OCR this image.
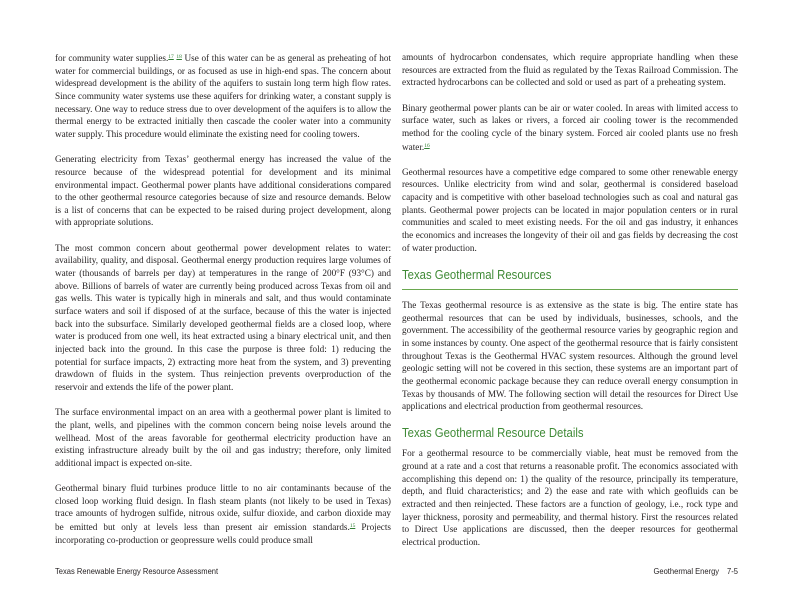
for community water supplies.$^{17}$ $^{18}$ Use of this water can be as general as preheating of hot water for commercial buildings, or as focused as use in high-end spas. The concern about widespread development is the ability of the aquifers to sustain long term high flow rates. Since community water systems use these aquifers for drinking water, a constant supply is necessary. One way to reduce stress due to over development of the aquifers is to allow the thermal energy to be extracted initially then cascade the cooler water into a community water supply. This procedure would eliminate the existing need for cooling towers.

Generating electricity from Texas’ geothermal energy has increased the value of the resource because of the widespread potential for development and its minimal environmental impact. Geothermal power plants have additional considerations compared to the other geothermal resource categories because of size and resource demands. Below is a list of concerns that can be expected to be raised during project development, along with appropriate solutions.

The most common concern about geothermal power development relates to water: availability, quality, and disposal. Geothermal energy production requires large volumes of water (thousands of barrels per day) at temperatures in the range of 200°F (93°C) and above. Billions of barrels of water are currently being produced across Texas from oil and gas wells. This water is typically high in minerals and salt, and thus would contaminate surface waters and soil if disposed of at the surface, because of this the water is injected back into the subsurface. Similarly developed geothermal fields are a closed loop, where water is produced from one well, its heat extracted using a binary electrical unit, and then injected back into the ground. In this case the purpose is three fold: 1) reducing the potential for surface impacts, 2) extracting more heat from the system, and 3) preventing drawdown of fluids in the system. Thus reinjection prevents overproduction of the reservoir and extends the life of the power plant.

The surface environmental impact on an area with a geothermal power plant is limited to the plant, wells, and pipelines with the common concern being noise levels around the wellhead. Most of the areas favorable for geothermal electricity production have an existing infrastructure already built by the oil and gas industry; therefore, only limited additional impact is expected on-site.

Geothermal binary fluid turbines produce little to no air contaminants because of the closed loop working fluid design. In flash steam plants (not likely to be used in Texas) trace amounts of hydrogen sulfide, nitrous oxide, sulfur dioxide, and carbon dioxide may be emitted but only at levels less than present air emission standards.$^{15}$ Projects incorporating co-production or geopressure wells could produce small

amounts of hydrocarbon condensates, which require appropriate handling when these resources are extracted from the fluid as regulated by the Texas Railroad Commission. The extracted hydrocarbons can be collected and sold or used as part of a preheating system.

Binary geothermal power plants can be air or water cooled. In areas with limited access to surface water, such as lakes or rivers, a forced air cooling tower is the recommended method for the cooling cycle of the binary system. Forced air cooled plants use no fresh water.$^{16}$

Geothermal resources have a competitive edge compared to some other renewable energy resources. Unlike electricity from wind and solar, geothermal is considered baseload capacity and is competitive with other baseload technologies such as coal and natural gas plants. Geothermal power projects can be located in major population centers or in rural communities and scaled to meet existing needs. For the oil and gas industry, it enhances the economics and increases the longevity of their oil and gas fields by decreasing the cost of water production.

Texas Geothermal Resources

The Texas geothermal resource is as extensive as the state is big. The entire state has geothermal resources that can be used by individuals, businesses, schools, and the government. The accessibility of the geothermal resource varies by geographic region and in some instances by county. One aspect of the geothermal resource that is fairly consistent throughout Texas is the Geothermal HVAC system resources. Although the ground level geologic setting will not be covered in this section, these systems are an important part of the geothermal economic package because they can reduce overall energy consumption in Texas by thousands of MW. The following section will detail the resources for Direct Use applications and electrical production from geothermal resources.

Texas Geothermal Resource Details

For a geothermal resource to be commercially viable, heat must be removed from the ground at a rate and a cost that returns a reasonable profit. The economics associated with accomplishing this depend on: 1) the quality of the resource, principally its temperature, depth, and fluid characteristics; and 2) the ease and rate with which geofluids can be extracted and then reinjected. These factors are a function of geology, i.e., rock type and layer thickness, porosity and permeability, and thermal history. First the resources related to Direct Use applications are discussed, then the deeper resources for geothermal electrical production.

Texas Renewable Energy Resource Assessment	Geothermal Energy 7-5
